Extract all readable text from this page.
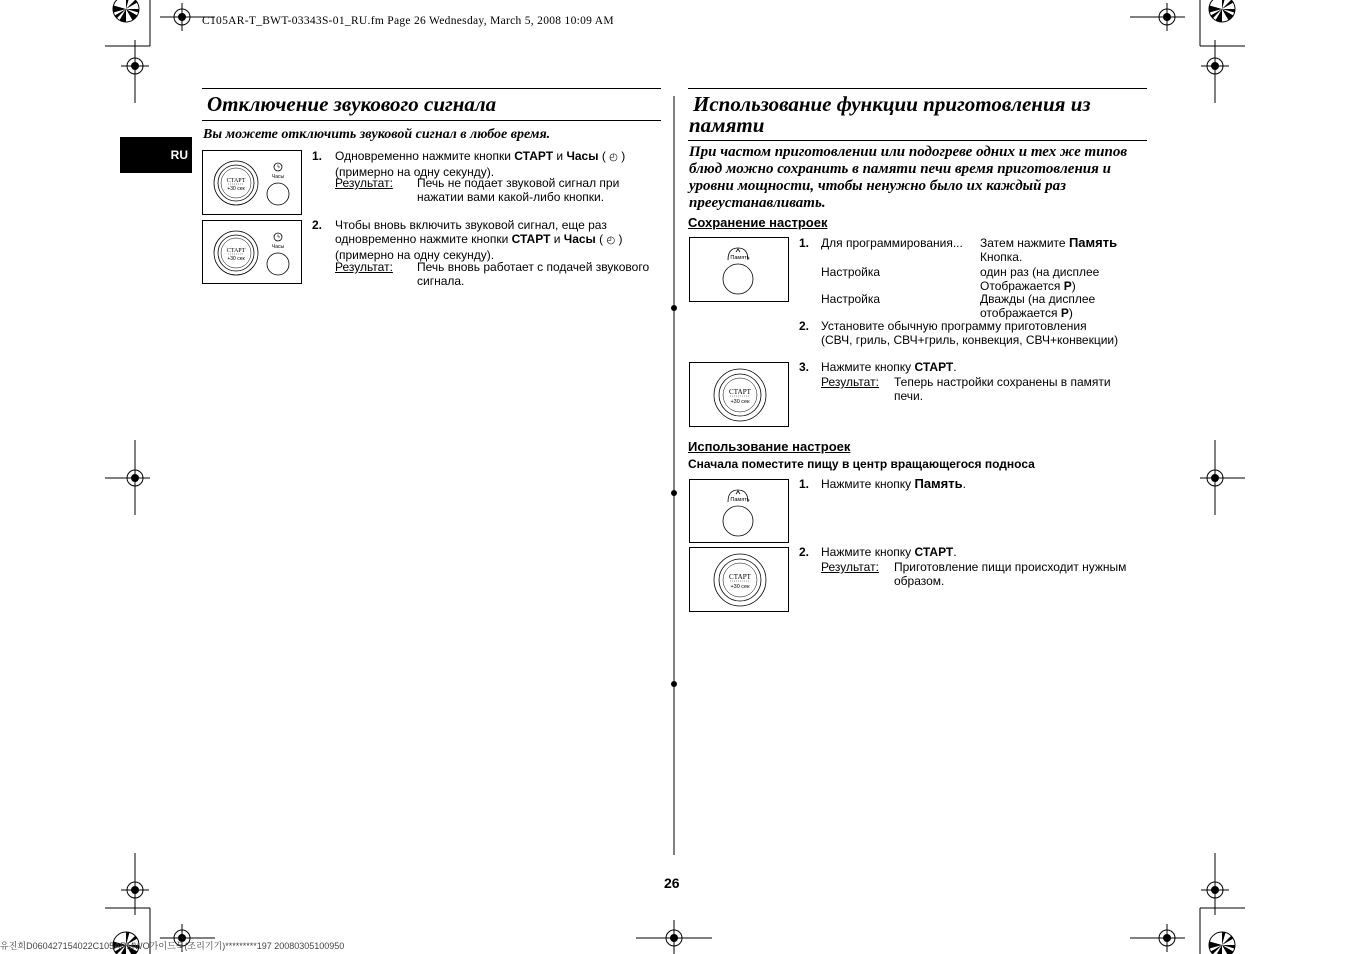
C105AR-T_BWT-03343S-01_RU.fm Page 26 Wednesday, March 5, 2008 10:09 AM
유진희D060427154022C105ARMWO가이드북(조리기기)*********197 20080305100950
RU
Отключение звукового сигнала
Вы можете отключить звуковой сигнал в любое время.
СТАРТ
+30 сек
Часы
СТАРТ
+30 сек
Часы
1. Одновременно нажмите кнопки СТАРТ и Часы ( ◴ )
(примерно на одну секунду).
Результат: Печь не подает звуковой сигнал при нажатии вами какой-либо кнопки.
2. Чтобы вновь включить звуковой сигнал, еще раз
одновременно нажмите кнопки СТАРТ и Часы ( ◴ )
(примерно на одну секунду).
Результат: Печь вновь работает с подачей звукового сигнала.
Использование функции приготовления из памяти
При частом приготовлении или подогреве одних и тех же типов блюд можно сохранить в памяти печи время приготовления и уровни мощности, чтобы ненужно было их каждый раз прееустанавливать.
Сохранение настроек
Память
1. Для программирования... Затем нажмите Память
Кнопка.
Настройка	один раз (на дисплее
Отображается P)
Настройка	Дважды (на дисплее
отображается P)
2. Установите обычную программу приготовления
(СВЧ, гриль, СВЧ+гриль, конвекция, СВЧ+конвекции)
СТАРТ
+30 сек
3. Нажмите кнопку СТАРТ.
Результат: Теперь настройки сохранены в памяти печи.
Использование настроек
Сначала поместите пищу в центр вращающегося подноса
Память
1. Нажмите кнопку Память.
СТАРТ
+30 сек
2. Нажмите кнопку СТАРТ.
Результат: Приготовление пищи происходит нужным образом.
26
